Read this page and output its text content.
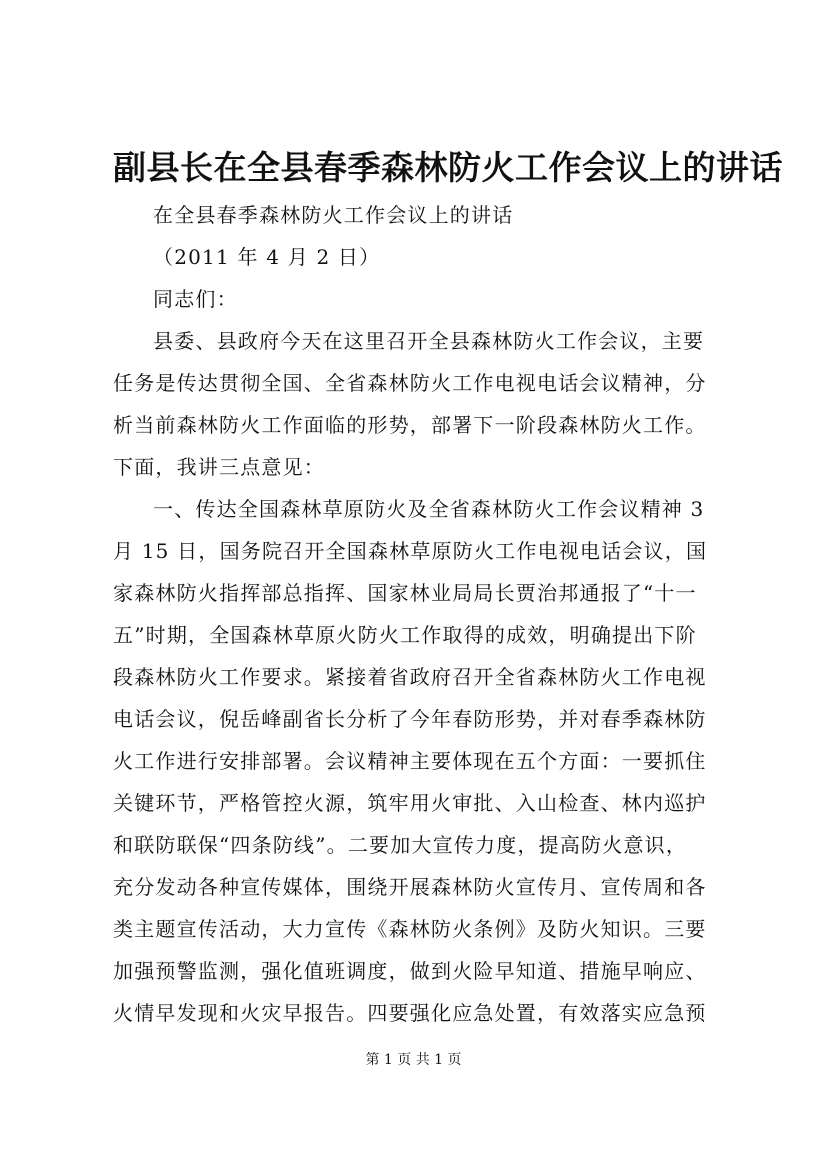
副县长在全县春季森林防火工作会议上的讲话
在全县春季森林防火工作会议上的讲话
（2011 年 4 月 2 日）
同志们：
县委、县政府今天在这里召开全县森林防火工作会议，主要
任务是传达贯彻全国、全省森林防火工作电视电话会议精神，分
析当前森林防火工作面临的形势，部署下一阶段森林防火工作。
下面，我讲三点意见：
一、传达全国森林草原防火及全省森林防火工作会议精神 3
月 15 日，国务院召开全国森林草原防火工作电视电话会议，国
家森林防火指挥部总指挥、国家林业局局长贾治邦通报了“十一
五”时期，全国森林草原火防火工作取得的成效，明确提出下阶
段森林防火工作要求。紧接着省政府召开全省森林防火工作电视
电话会议，倪岳峰副省长分析了今年春防形势，并对春季森林防
火工作进行安排部署。会议精神主要体现在五个方面：一要抓住
关键环节，严格管控火源，筑牢用火审批、入山检查、林内巡护
和联防联保“四条防线”。二要加大宣传力度，提高防火意识，
充分发动各种宣传媒体，围绕开展森林防火宣传月、宣传周和各
类主题宣传活动，大力宣传《森林防火条例》及防火知识。三要
加强预警监测，强化值班调度，做到火险早知道、措施早响应、
火情早发现和火灾早报告。四要强化应急处置，有效落实应急预
第 1 页 共 1 页
